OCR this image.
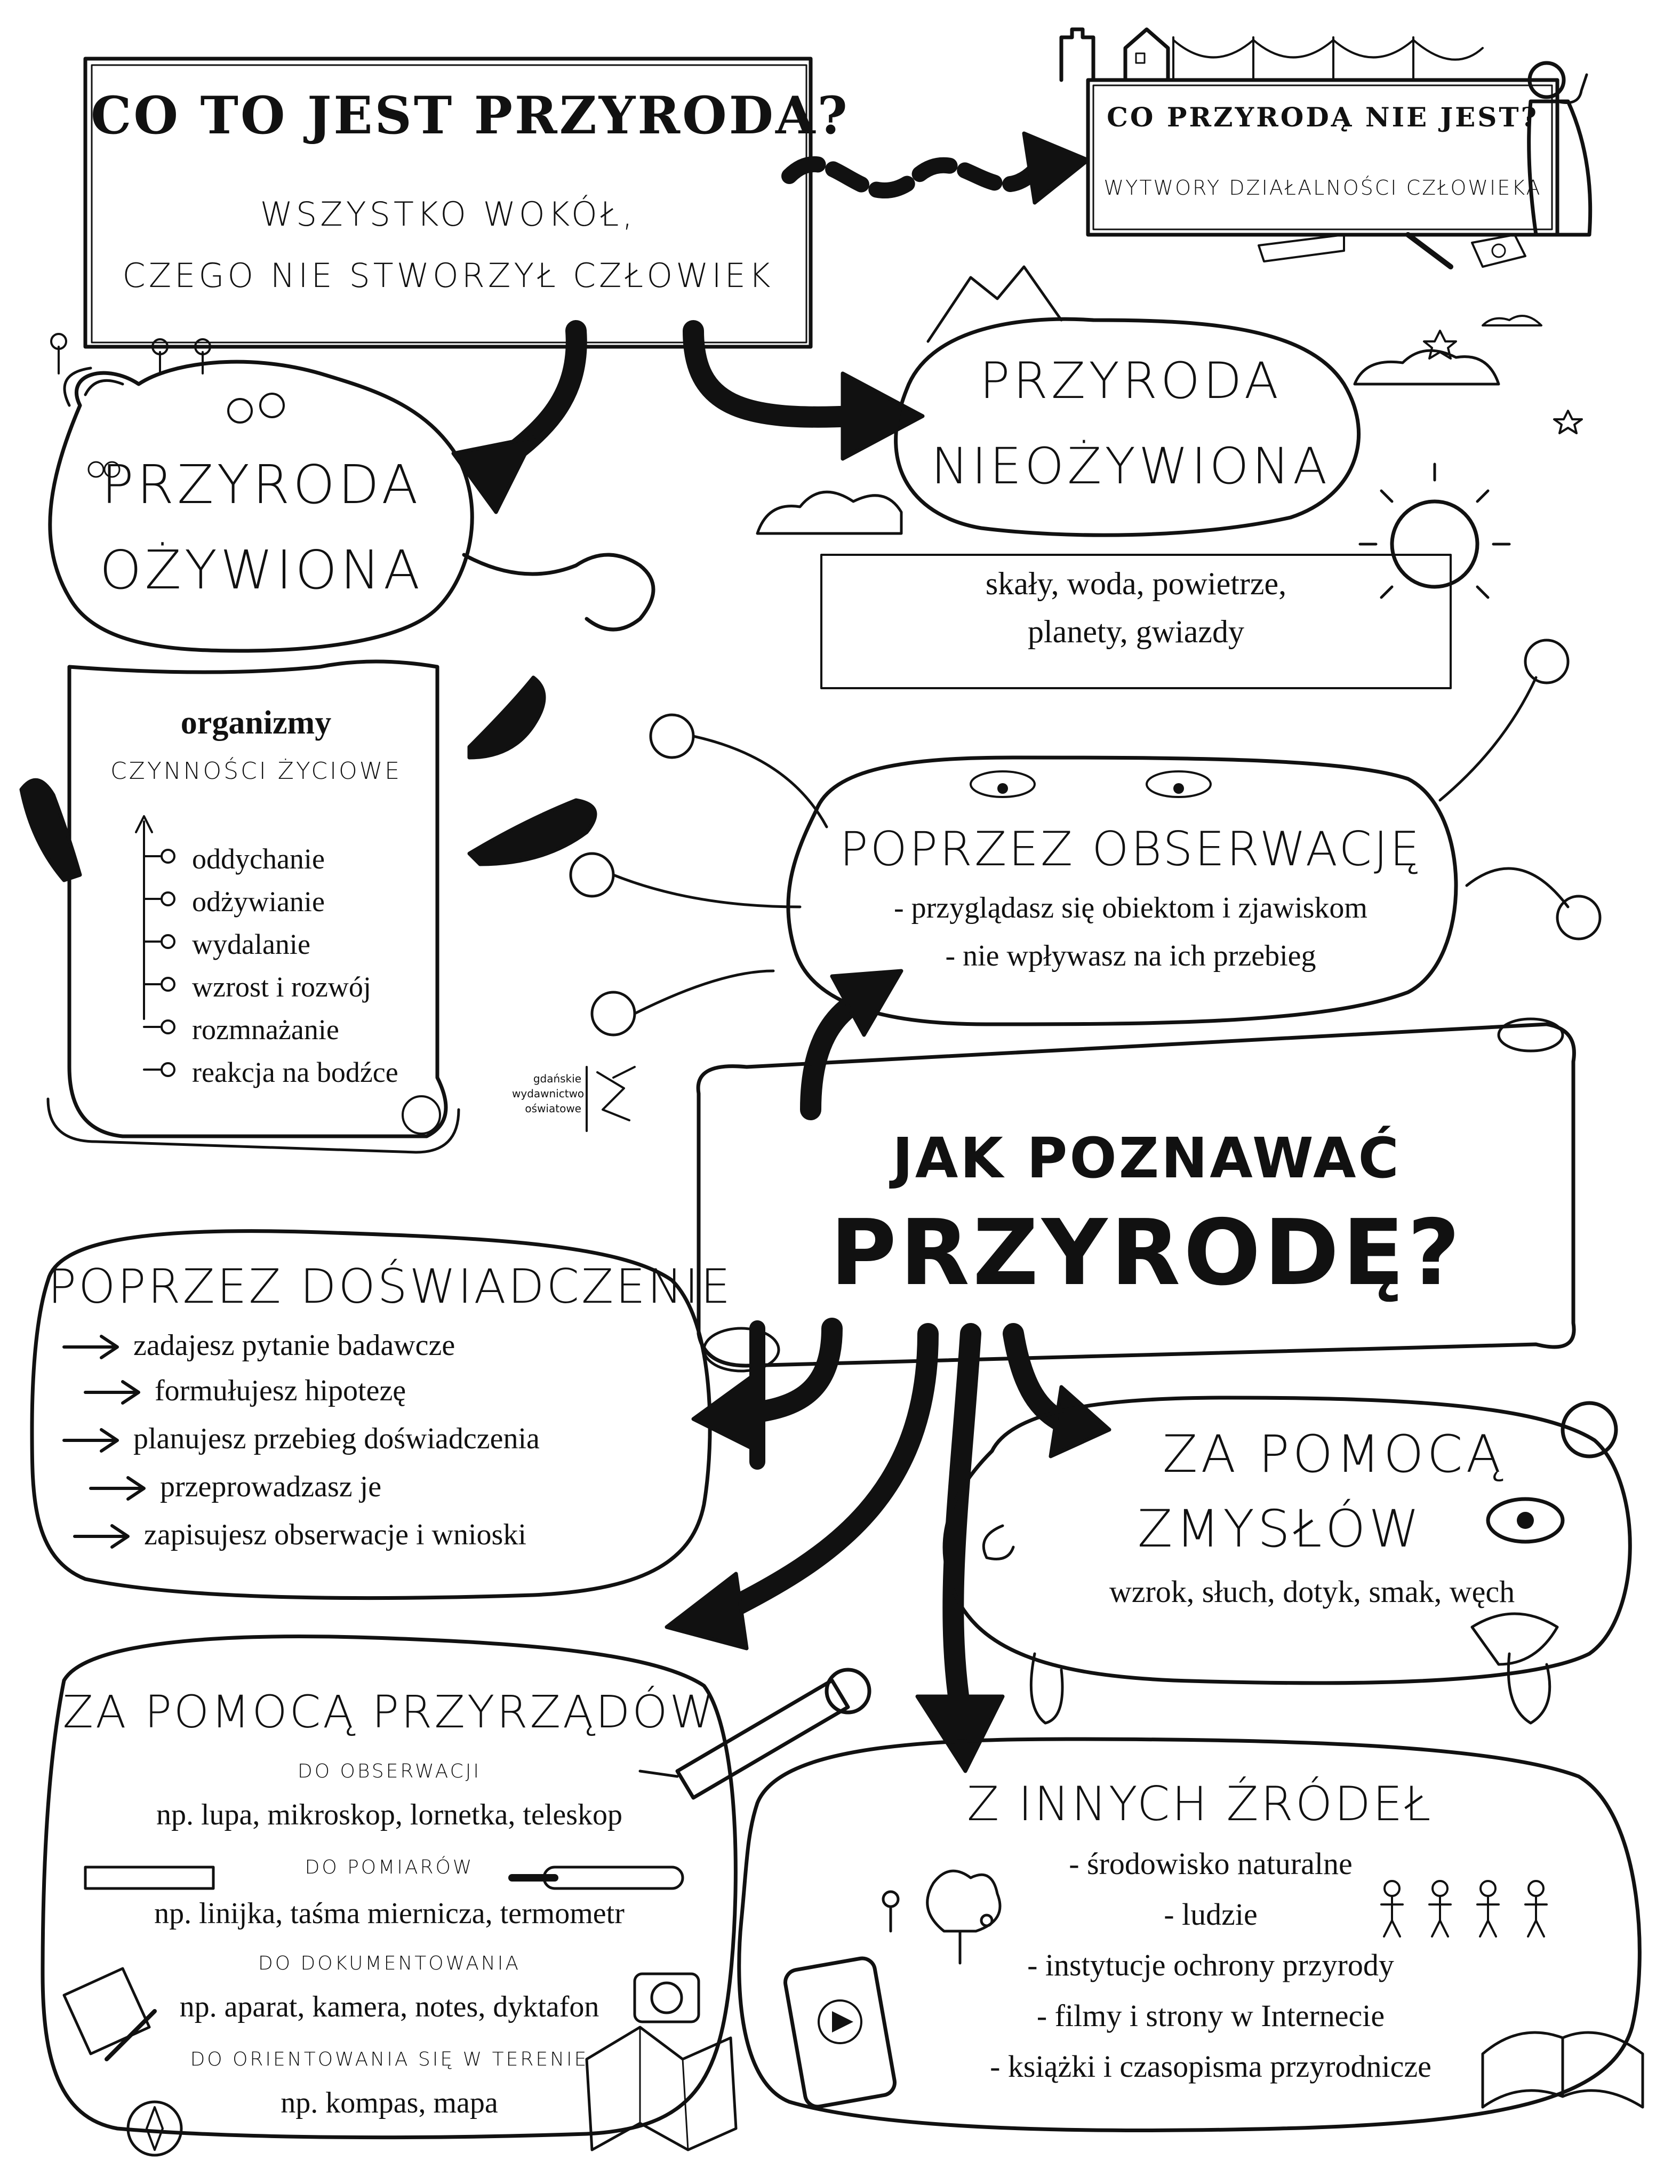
CO TO JEST PRZYRODA?
WSZYSTKO WOKÓŁ,
CZEGO NIE STWORZYŁ CZŁOWIEK
CO PRZYRODĄ NIE JEST?
WYTWORY DZIAŁALNOŚCI CZŁOWIEKA
PRZYRODA
OŻYWIONA
organizmy
CZYNNOŚCI ŻYCIOWE
oddychanie
odżywianie
wydalanie
wzrost i rozwój
rozmnażanie
reakcja na bodźce
PRZYRODA
NIEOŻYWIONA
skały, woda, powietrze,
planety, gwiazdy
POPRZEZ OBSERWACJĘ
- przyglądasz się obiektom i zjawiskom
- nie wpływasz na ich przebieg
gdańskie
wydawnictwo
oświatowe
JAK POZNAWAĆ
PRZYRODĘ?
POPRZEZ DOŚWIADCZENIE
zadajesz pytanie badawcze
formułujesz hipotezę
planujesz przebieg doświadczenia
przeprowadzasz je
zapisujesz obserwacje i wnioski
ZA POMOCĄ
ZMYSŁÓW
wzrok, słuch, dotyk, smak, węch
ZA POMOCĄ PRZYRZĄDÓW
DO OBSERWACJI
np. lupa, mikroskop, lornetka, teleskop
DO POMIARÓW
np. linijka, taśma miernicza, termometr
DO DOKUMENTOWANIA
np. aparat, kamera, notes, dyktafon
DO ORIENTOWANIA SIĘ W TERENIE
np. kompas, mapa
Z INNYCH ŹRÓDEŁ
- środowisko naturalne
- ludzie
- instytucje ochrony przyrody
- filmy i strony w Internecie
- książki i czasopisma przyrodnicze
